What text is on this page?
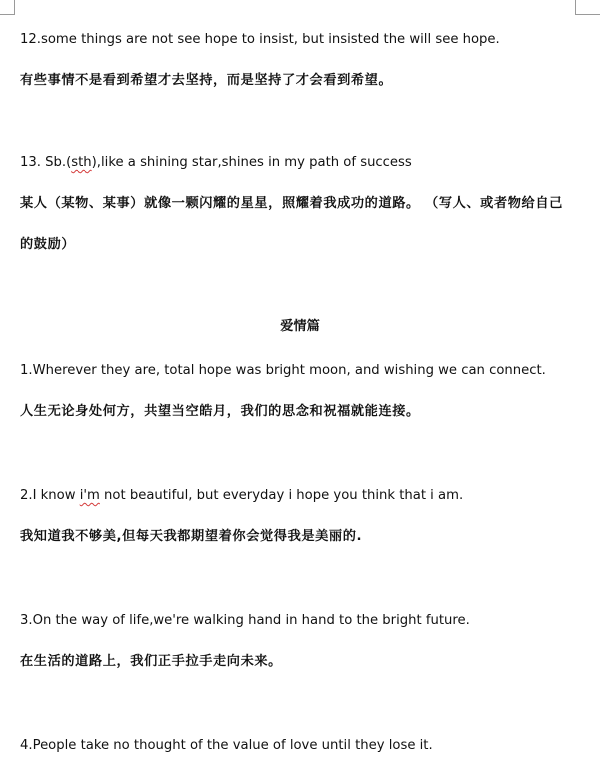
12.some things are not see hope to insist, but insisted the will see hope.
有些事情不是看到希望才去坚持，而是坚持了才会看到希望。
13. Sb.(sth),like a shining star,shines in my path of success
某人（某物、某事）就像一颗闪耀的星星，照耀着我成功的道路。 （写人、或者物给自己
的鼓励）
爱情篇
1.Wherever they are, total hope was bright moon, and wishing we can connect.
人生无论身处何方，共望当空皓月，我们的思念和祝福就能连接。
2.I know i'm not beautiful, but everyday i hope you think that i am.
我知道我不够美,但每天我都期望着你会觉得我是美丽的.
3.On the way of life,we're walking hand in hand to the bright future.
在生活的道路上，我们正手拉手走向未来。
4.People take no thought of the value of love until they lose it.
